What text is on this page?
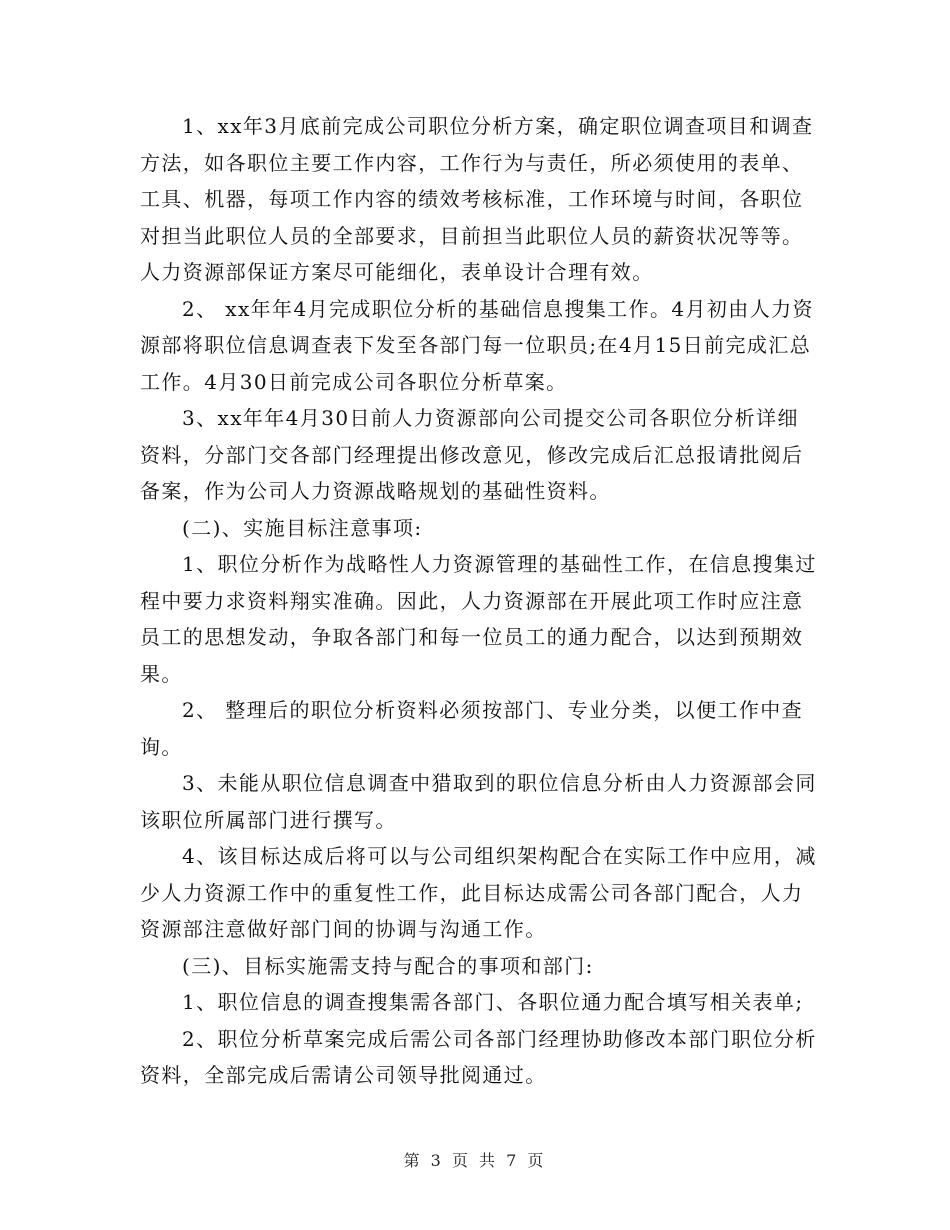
1、xx年3月底前完成公司职位分析方案，确定职位调查项目和调查方法，如各职位主要工作内容，工作行为与责任，所必须使用的表单、工具、机器，每项工作内容的绩效考核标准，工作环境与时间，各职位对担当此职位人员的全部要求，目前担当此职位人员的薪资状况等等。人力资源部保证方案尽可能细化，表单设计合理有效。

2、 xx年年4月完成职位分析的基础信息搜集工作。4月初由人力资源部将职位信息调查表下发至各部门每一位职员;在4月15日前完成汇总工作。4月30日前完成公司各职位分析草案。

3、xx年年4月30日前人力资源部向公司提交公司各职位分析详细资料，分部门交各部门经理提出修改意见，修改完成后汇总报请批阅后备案，作为公司人力资源战略规划的基础性资料。

(二)、实施目标注意事项:

1、职位分析作为战略性人力资源管理的基础性工作，在信息搜集过程中要力求资料翔实准确。因此，人力资源部在开展此项工作时应注意员工的思想发动，争取各部门和每一位员工的通力配合，以达到预期效果。

2、 整理后的职位分析资料必须按部门、专业分类，以便工作中查询。

3、未能从职位信息调查中猎取到的职位信息分析由人力资源部会同该职位所属部门进行撰写。

4、该目标达成后将可以与公司组织架构配合在实际工作中应用，减少人力资源工作中的重复性工作，此目标达成需公司各部门配合，人力资源部注意做好部门间的协调与沟通工作。

(三)、目标实施需支持与配合的事项和部门:

1、职位信息的调查搜集需各部门、各职位通力配合填写相关表单;

2、职位分析草案完成后需公司各部门经理协助修改本部门职位分析资料，全部完成后需请公司领导批阅通过。

第 3 页 共 7 页
